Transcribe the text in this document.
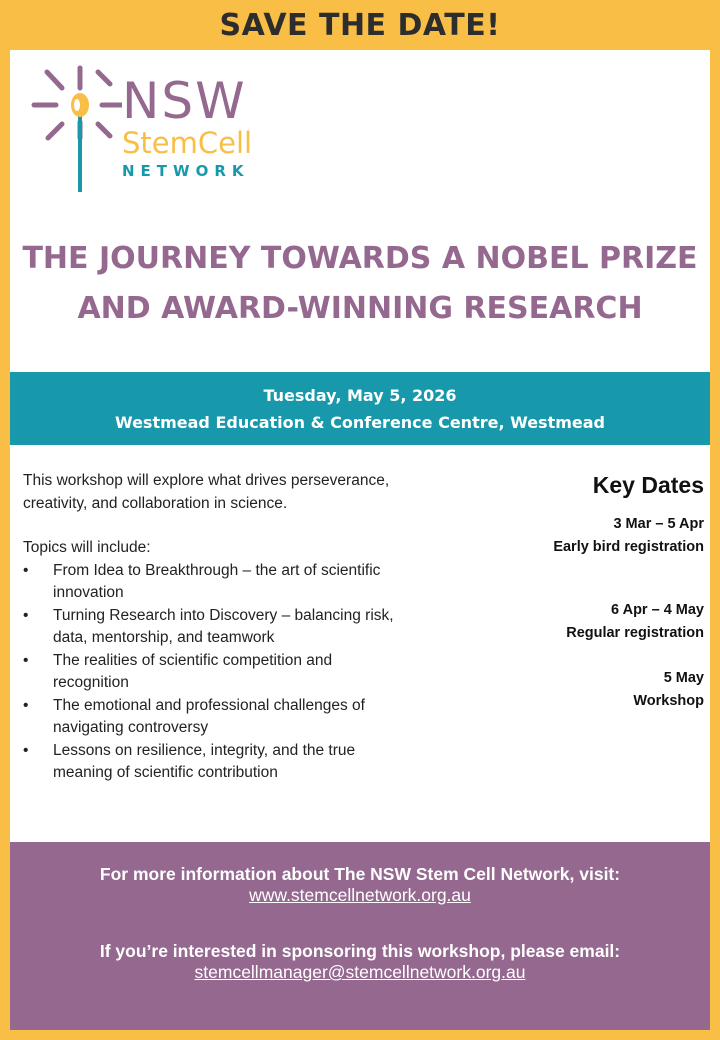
SAVE THE DATE!
NSW
StemCell
NETWORK
THE JOURNEY TOWARDS A NOBEL PRIZE
AND AWARD-WINNING RESEARCH
Tuesday, May 5, 2026
Westmead Education & Conference Centre, Westmead

This workshop will explore what drives perseverance,

creativity, and collaboration in science.

Topics will include:

• From Idea to Breakthrough – the art of scientific
innovation
• Turning Research into Discovery – balancing risk,
data, mentorship, and teamwork
• The realities of scientific competition and
recognition
• The emotional and professional challenges of
navigating controversy
• Lessons on resilience, integrity, and the true
meaning of scientific contribution
Key Dates
3 Mar – 5 Apr
Early bird registration
6 Apr – 4 May
Regular registration
5 May
Workshop
For more information about The NSW Stem Cell Network, visit:
www.stemcellnetwork.org.au
If you’re interested in sponsoring this workshop, please email:
stemcellmanager@stemcellnetwork.org.au
